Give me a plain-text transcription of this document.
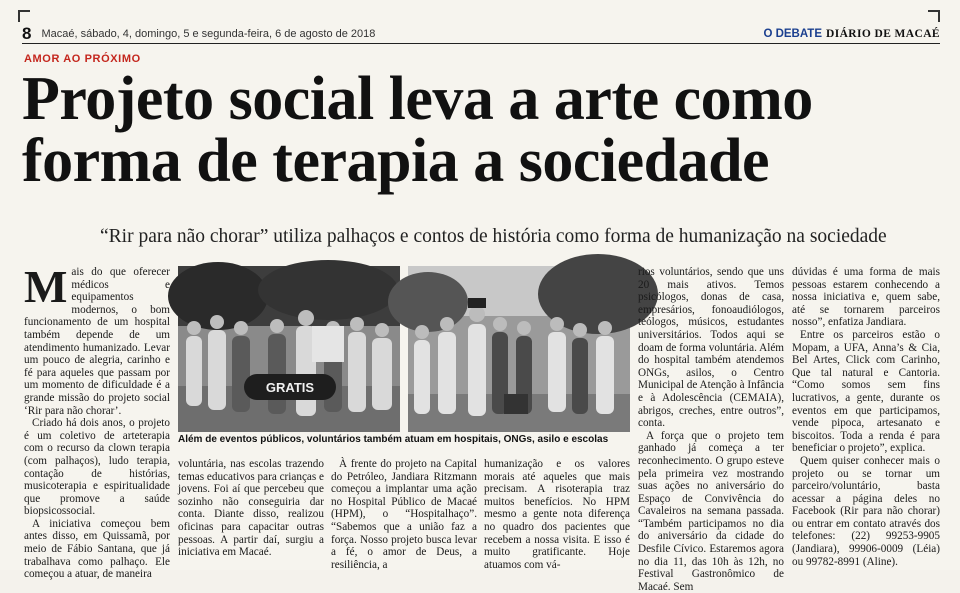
8 Macaé, sábado, 4, domingo, 5 e segunda-feira, 6 de agosto de 2018	O DEBATE DIÁRIO DE MACAÉ
AMOR AO PRÓXIMO
Projeto social leva a arte como forma de terapia a sociedade
“Rir para não chorar” utiliza palhaços e contos de história como forma de humanização na sociedade

Mais do que oferecer médicos e equipamentos modernos, o bom funcionamento de um hospital também depende de um atendimento humanizado. Levar um pouco de alegria, carinho e fé para aqueles que passam por um momento de dificuldade é a grande missão do projeto social ‘Rir para não chorar’.

Criado há dois anos, o projeto é um coletivo de arteterapia com o recurso da clown terapia (com palhaços), ludo terapia, contação de histórias, musicoterapia e espiritualidade que promove a saúde biopsicossocial.

A iniciativa começou bem antes disso, em Quissamã, por meio de Fábio Santana, que já trabalhava como palhaço. Ele começou a atuar, de maneira

GRATIS
Além de eventos públicos, voluntários também atuam em hospitais, ONGs, asilo e escolas

voluntária, nas escolas trazendo temas educativos para crianças e jovens. Foi aí que percebeu que sozinho não conseguiria dar conta. Diante disso, realizou oficinas para capacitar outras pessoas. A partir daí, surgiu a iniciativa em Macaé.

À frente do projeto na Capital do Petróleo, Jandiara Ritzmann começou a implantar uma ação no Hospital Público de Macaé (HPM), o “Hospitalhaço”. “Sabemos que a união faz a força. Nosso projeto busca levar a fé, o amor de Deus, a resiliência, a

humanização e os valores morais até aqueles que mais precisam. A risoterapia traz muitos benefícios. No HPM mesmo a gente nota diferença no quadro dos pacientes que recebem a nossa visita. E isso é muito gratificante. Hoje atuamos com vá-

rios voluntários, sendo que uns 20 mais ativos. Temos psicólogos, donas de casa, empresários, fonoaudiólogos, teólogos, músicos, estudantes universitários. Todos aqui se doam de forma voluntária. Além do hospital também atendemos ONGs, asilos, o Centro Municipal de Atenção à Infância e à Adolescência (CEMAIA), abrigos, creches, entre outros”, conta.

A força que o projeto tem ganhado já começa a ter reconhecimento. O grupo esteve pela primeira vez mostrando suas ações no aniversário do Espaço de Convivência do Cavaleiros na semana passada. “Também participamos no dia do aniversário da cidade do Desfile Cívico. Estaremos agora no dia 11, das 10h às 12h, no Festival Gastronômico de Macaé. Sem

dúvidas é uma forma de mais pessoas estarem conhecendo a nossa iniciativa e, quem sabe, até se tornarem parceiros nosso”, enfatiza Jandiara.

Entre os parceiros estão o Mopam, a UFA, Anna’s & Cia, Bel Artes, Click com Carinho, Que tal natural e Cantoria. “Como somos sem fins lucrativos, a gente, durante os eventos em que participamos, vende pipoca, artesanato e biscoitos. Toda a renda é para beneficiar o projeto”, explica.

Quem quiser conhecer mais o projeto ou se tornar um parceiro/voluntário, basta acessar a página deles no Facebook (Rir para não chorar) ou entrar em contato através dos telefones: (22) 99253-9905 (Jandiara), 99906-0009 (Léia) ou 99782-8991 (Aline).
